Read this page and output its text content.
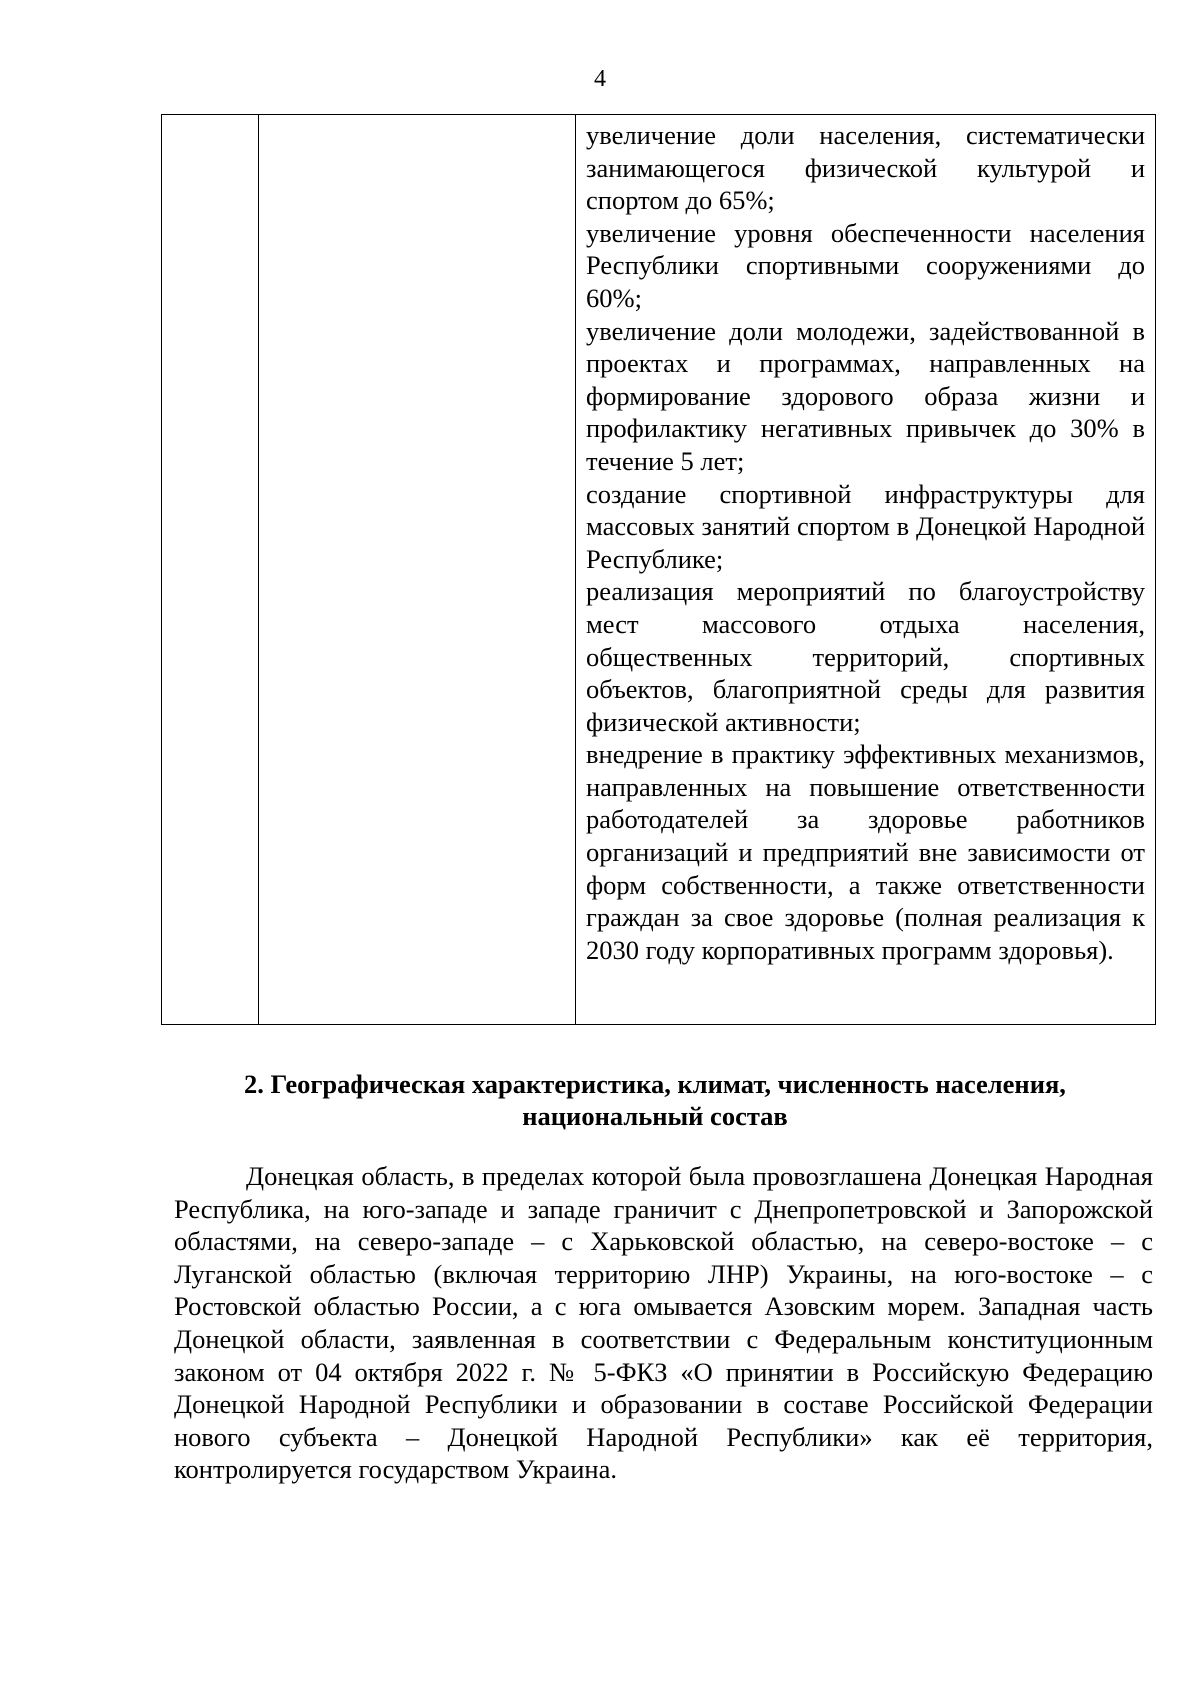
4

увеличение доли населения, систематически занимающегося физической культурой и спортом до 65%;

увеличение уровня обеспеченности населения Республики спортивными сооружениями до 60%;

увеличение доли молодежи, задействованной в проектах и программах, направленных на формирование здорового образа жизни и профилактику негативных привычек до 30% в течение 5 лет;

создание спортивной инфраструктуры для массовых занятий спортом в Донецкой Народной Республике;

реализация мероприятий по благоустройству мест массового отдыха населения, общественных территорий, спортивных объектов, благоприятной среды для развития физической активности;

внедрение в практику эффективных механизмов, направленных на повышение ответственности работодателей за здоровье работников организаций и предприятий вне зависимости от форм собственности, а также ответственности граждан за свое здоровье (полная реализация к 2030 году корпоративных программ здоровья).

2. Географическая характеристика, климат, численность населения,
национальный состав

Донецкая область, в пределах которой была провозглашена Донецкая Народная Республика, на юго-западе и западе граничит с Днепропетровской и Запорожской областями, на северо-западе – с Харьковской областью, на северо-востоке – с Луганской областью (включая территорию ЛНР) Украины, на юго-востоке – с Ростовской областью России, а с юга омывается Азовским морем. Западная часть Донецкой области, заявленная в соответствии с Федеральным конституционным законом от 04 октября 2022 г. № 5-ФКЗ «О принятии в Российскую Федерацию Донецкой Народной Республики и образовании в составе Российской Федерации нового субъекта – Донецкой Народной Республики» как её территория, контролируется государством Украина.
